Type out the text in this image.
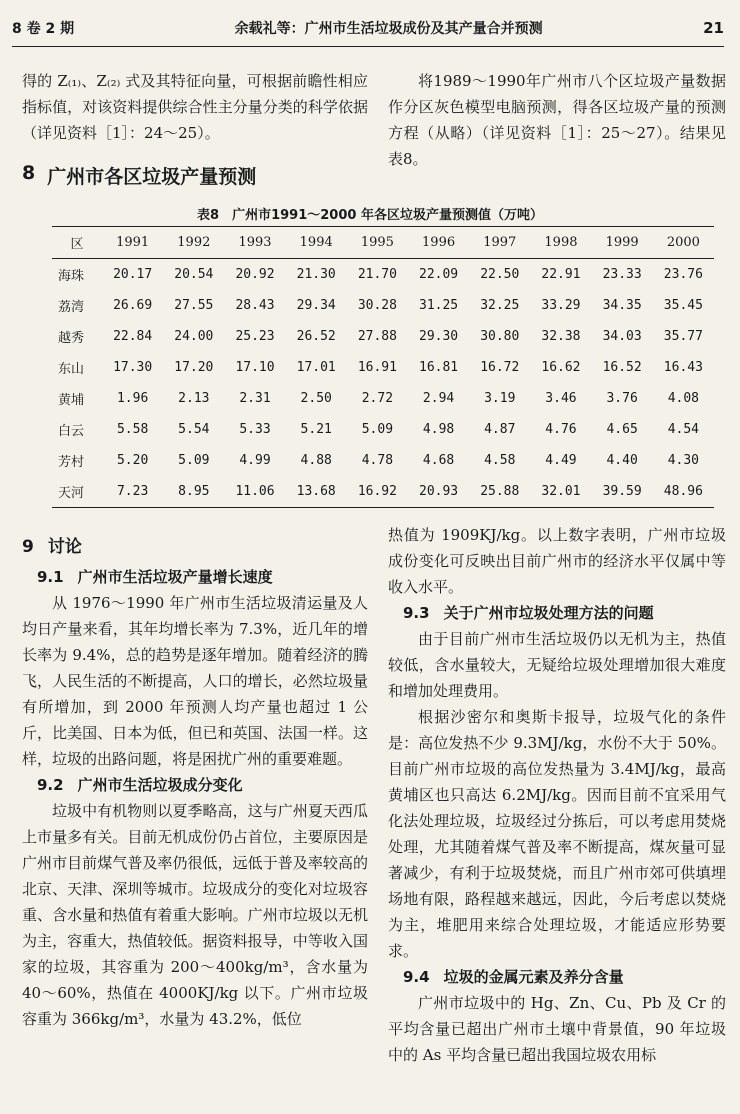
8 卷 2 期	余载礼等：广州市生活垃圾成份及其产量合并预测	21

得的 Z₍₁₎、Z₍₂₎ 式及其特征向量，可根据前瞻性相应指标值，对该资料提供综合性主分量分类的科学依据（详见资料［1］：24～25）。

将1989～1990年广州市八个区垃圾产量数据作分区灰色模型电脑预测，得各区垃圾产量的预测方程（从略）（详见资料［1］：25～27）。结果见表8。

8 广州市各区垃圾产量预测
表8　广州市1991～2000 年各区垃圾产量预测值（万吨）
区	1991	1992	1993	1994	1995	1996	1997	1998	1999	2000
海珠	20.17	20.54	20.92	21.30	21.70	22.09	22.50	22.91	23.33	23.76
荔湾	26.69	27.55	28.43	29.34	30.28	31.25	32.25	33.29	34.35	35.45
越秀	22.84	24.00	25.23	26.52	27.88	29.30	30.80	32.38	34.03	35.77
东山	17.30	17.20	17.10	17.01	16.91	16.81	16.72	16.62	16.52	16.43
黄埔	1.96	2.13	2.31	2.50	2.72	2.94	3.19	3.46	3.76	4.08
白云	5.58	5.54	5.33	5.21	5.09	4.98	4.87	4.76	4.65	4.54
芳村	5.20	5.09	4.99	4.88	4.78	4.68	4.58	4.49	4.40	4.30
天河	7.23	8.95	11.06	13.68	16.92	20.93	25.88	32.01	39.59	48.96
9 讨论
9.1 广州市生活垃圾产量增长速度

从 1976～1990 年广州市生活垃圾清运量及人均日产量来看，其年均增长率为 7.3%，近几年的增长率为 9.4%，总的趋势是逐年增加。随着经济的腾飞，人民生活的不断提高，人口的增长，必然垃圾量有所增加，到 2000 年预测人均产量也超过 1 公斤，比美国、日本为低，但已和英国、法国一样。这样，垃圾的出路问题，将是困扰广州的重要难题。

9.2 广州市生活垃圾成分变化

垃圾中有机物则以夏季略高，这与广州夏天西瓜上市量多有关。目前无机成份仍占首位，主要原因是广州市目前煤气普及率仍很低，远低于普及率较高的北京、天津、深圳等城市。垃圾成分的变化对垃圾容重、含水量和热值有着重大影响。广州市垃圾以无机为主，容重大，热值较低。据资料报导，中等收入国家的垃圾，其容重为 200～400kg/m³，含水量为 40～60%，热值在 4000KJ/kg 以下。广州市垃圾容重为 366kg/m³，水量为 43.2%，低位

热值为 1909KJ/kg。以上数字表明，广州市垃圾成份变化可反映出目前广州市的经济水平仅属中等收入水平。

9.3 关于广州市垃圾处理方法的问题

由于目前广州市生活垃圾仍以无机为主，热值较低，含水量较大，无疑给垃圾处理增加很大难度和增加处理费用。

根据沙密尔和奥斯卡报导，垃圾气化的条件是：高位发热不少 9.3MJ/kg，水份不大于 50%。目前广州市垃圾的高位发热量为 3.4MJ/kg，最高黄埔区也只高达 6.2MJ/kg。因而目前不宜采用气化法处理垃圾，垃圾经过分拣后，可以考虑用焚烧处理，尤其随着煤气普及率不断提高，煤灰量可显著减少，有利于垃圾焚烧，而且广州市郊可供填埋场地有限，路程越来越远，因此，今后考虑以焚烧为主，堆肥用来综合处理垃圾，才能适应形势要求。

9.4 垃圾的金属元素及养分含量

广州市垃圾中的 Hg、Zn、Cu、Pb 及 Cr 的平均含量已超出广州市土壤中背景值，90 年垃圾中的 As 平均含量已超出我国垃圾农用标
